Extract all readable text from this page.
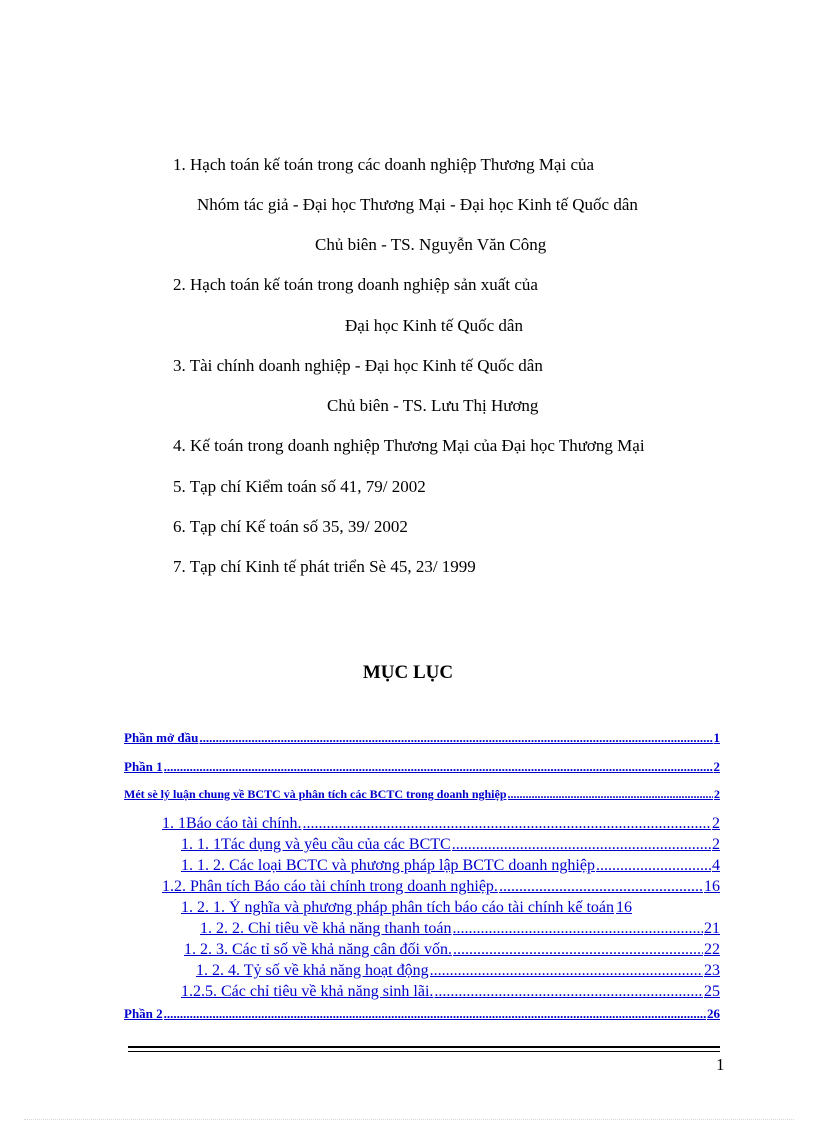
1. Hạch toán kế toán trong các doanh nghiệp Thương Mại của
Nhóm tác giả - Đại học Thương Mại - Đại học Kinh tế Quốc dân
Chủ biên - TS. Nguyễn Văn Công
2. Hạch toán kế toán trong doanh nghiệp sản xuất của
Đại học Kinh tế Quốc dân
3. Tài chính doanh nghiệp - Đại học Kinh tế Quốc dân
Chủ biên - TS. Lưu Thị Hương
4. Kế toán trong doanh nghiệp Thương Mại của Đại học Thương Mại
5. Tạp chí Kiểm toán số 41, 79/ 2002
6. Tạp chí Kế toán số 35, 39/ 2002
7. Tạp chí Kinh tế phát triển Sè 45, 23/ 1999
MỤC LỤC
Phần mở đầu .....	1
Phần 1 .....	2
Mét sè lý luận chung về BCTC và phân tích các BCTC trong doanh nghiệp .....	2
1. 1Báo cáo tài chính. .....	2
1. 1. 1Tác dụng và yêu cầu của các BCTC .....	2
1. 1. 2. Các loại BCTC và phương pháp lập BCTC doanh nghiệp .....	4
1.2. Phân tích Báo cáo tài chính trong doanh nghiệp. .....	16
1. 2. 1. Ý nghĩa và phương pháp phân tích báo cáo tài chính kế toán 16
1. 2. 2. Chỉ tiêu về khả năng thanh toán .....	21
1. 2. 3. Các tỉ số về khả năng cân đối vốn. .....	22
1. 2. 4. Tỷ số về khả năng hoạt động .....	23
1.2.5. Các chỉ tiêu về khả năng sinh lãi. .....	25
Phần 2 .....	26
1
